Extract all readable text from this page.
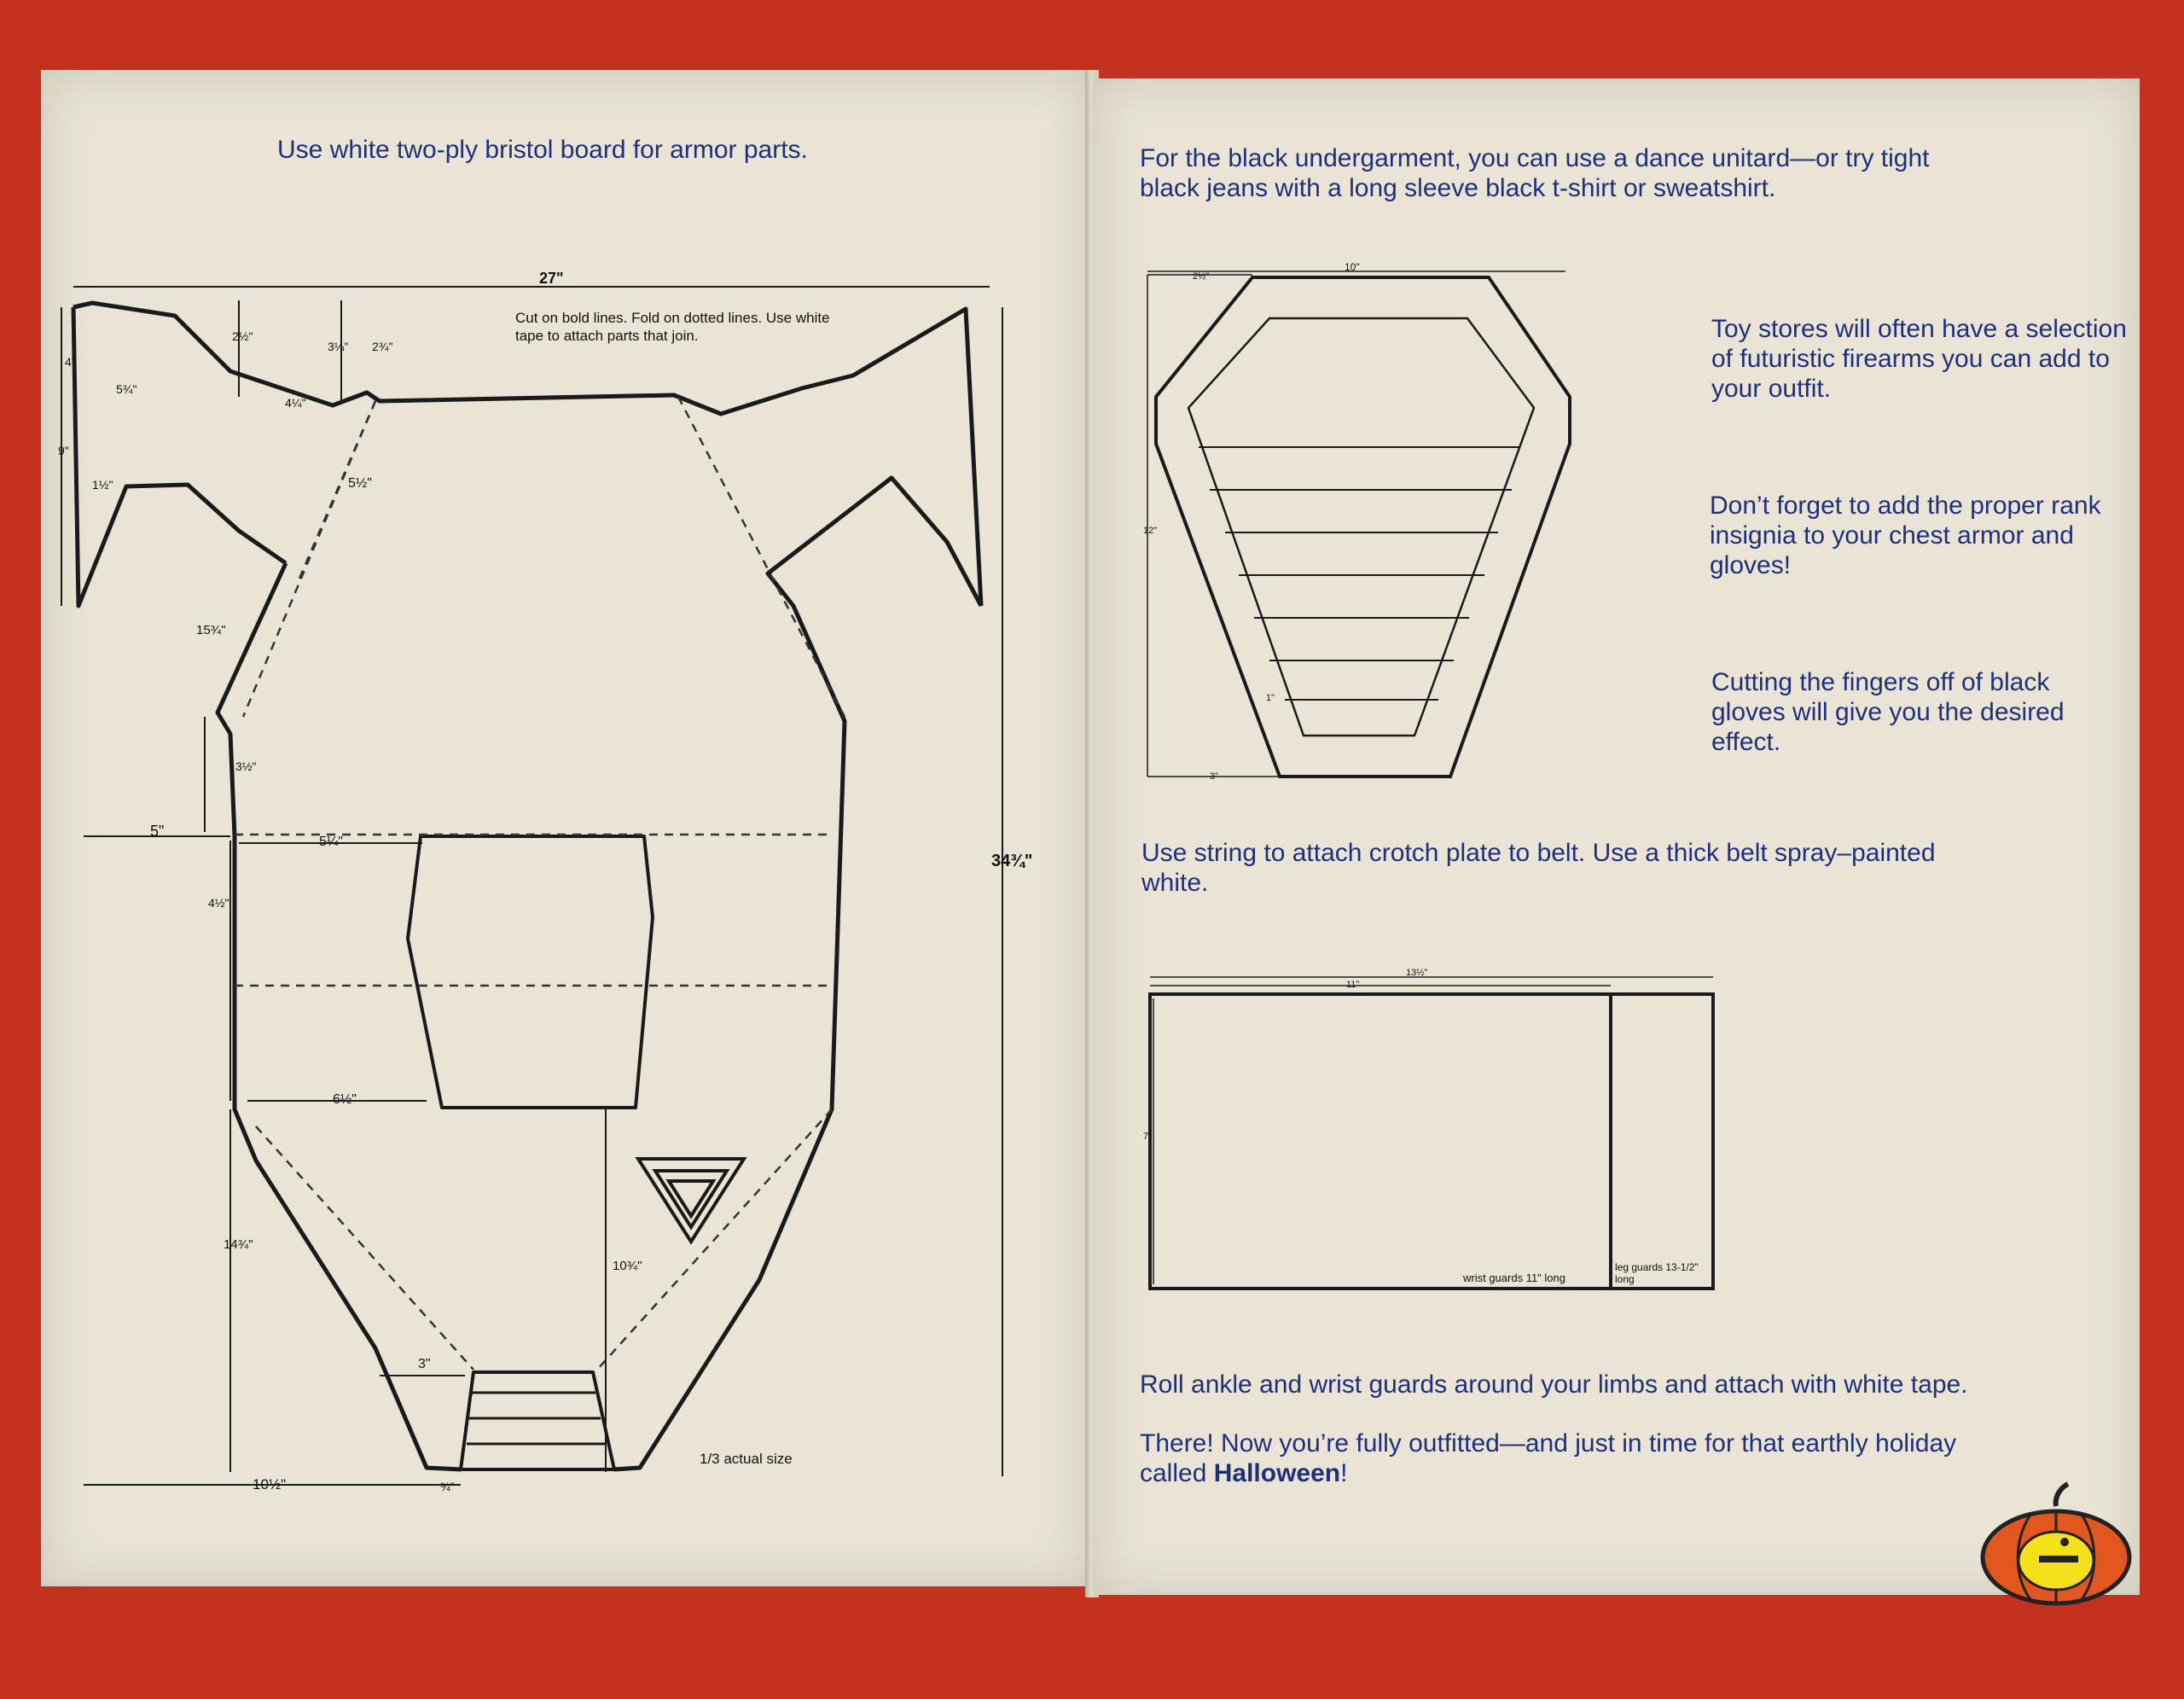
Use white two-ply bristol board for armor parts.
Cut on bold lines. Fold on dotted lines. Use white tape to attach parts that join.
1/3 actual size
27"
34¾"
5"
5¼"
5½"
6½"
10½"
3"
15¾"
14¾"
10¾"
2½"
3¼" 2¾"
4¼"
5¾"
1½"
9"
4"
4½"
3½"
¾"
For the black undergarment, you can use a dance unitard—or try tight black jeans with a long sleeve black t-shirt or sweatshirt.
Toy stores will often have a selection of futuristic firearms you can add to your outfit.
Don’t forget to add the proper rank insignia to your chest armor and gloves!
Cutting the fingers off of black gloves will give you the desired effect.
Use string to attach crotch plate to belt. Use a thick belt spray–painted white.
Roll ankle and wrist guards around your limbs and attach with white tape.
There! Now you’re fully outfitted—and just in time for that earthly holiday called Halloween!
10"
2½"
12"
3"
1"
13½"
11"
7"
wrist guards 11" long
leg guards 13-1/2" long
